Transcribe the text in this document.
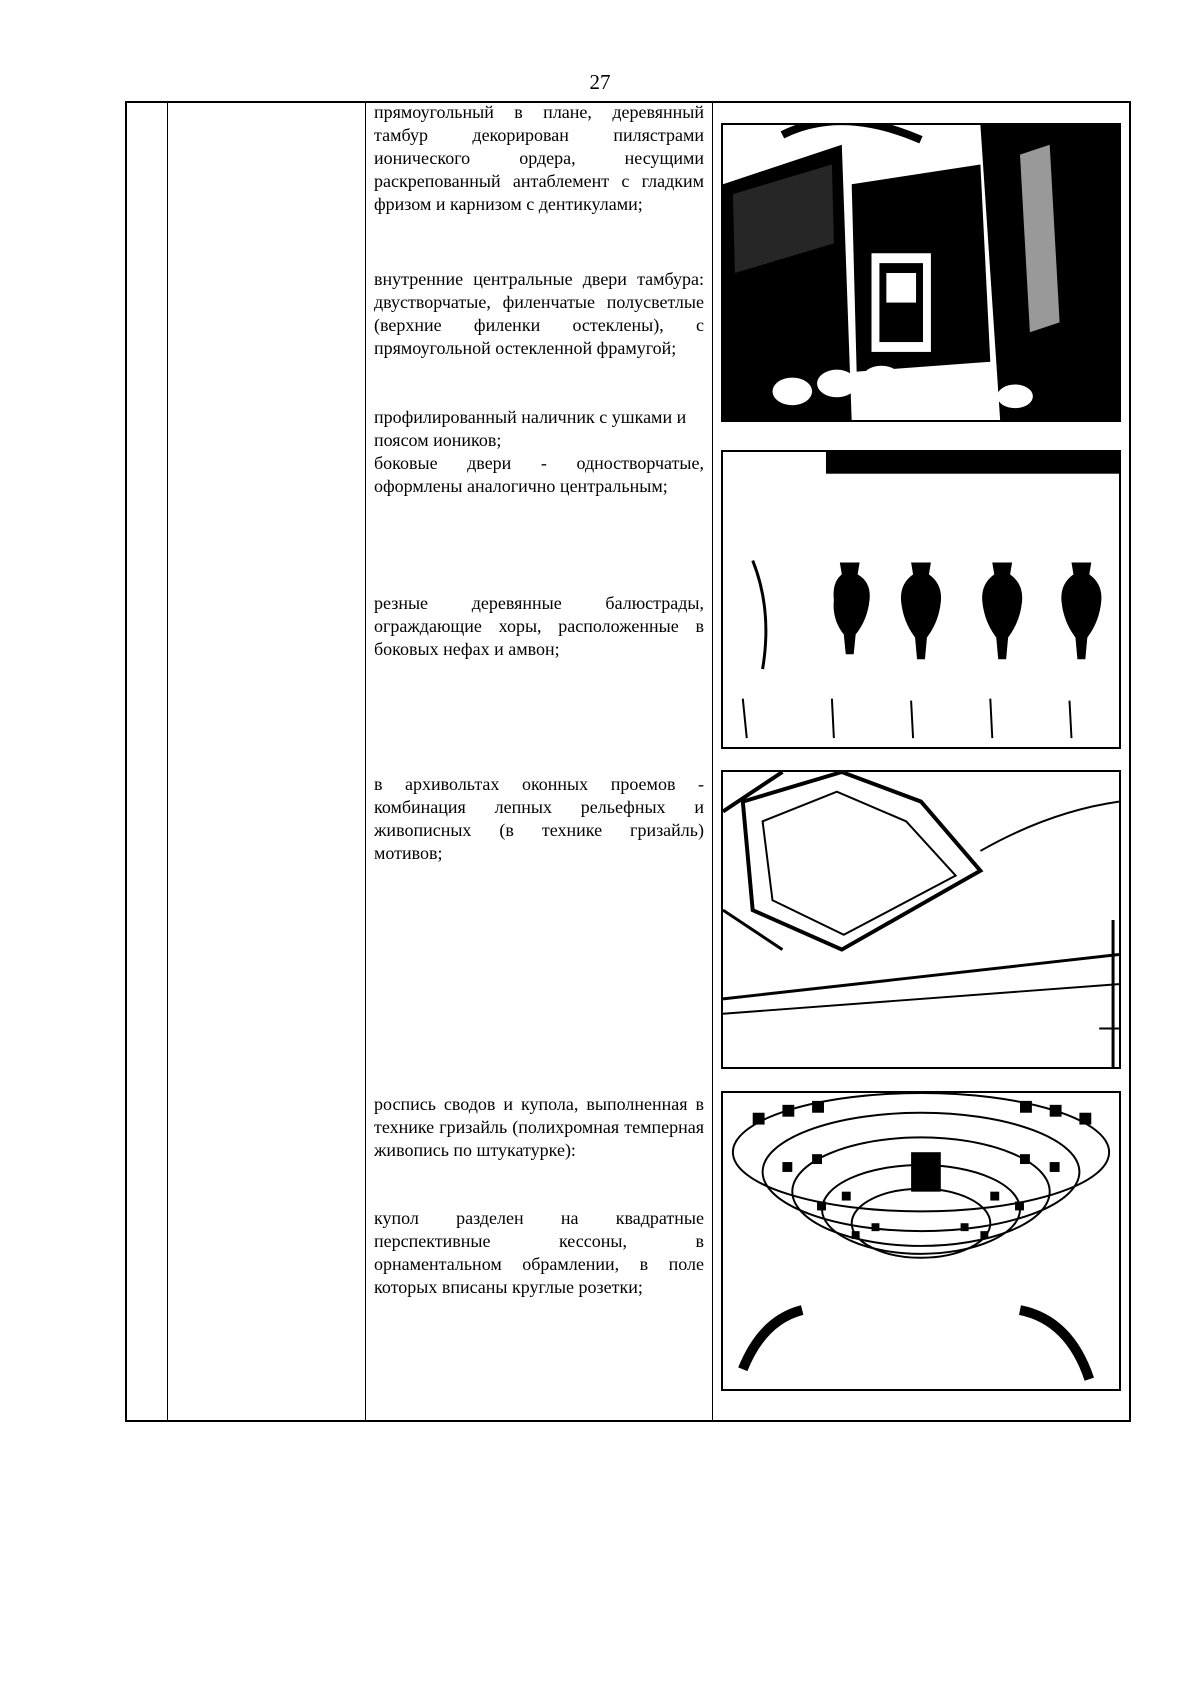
27
прямоугольный в плане, деревянный тамбур декорирован пилястрами ионического ордера, несущими раскрепованный антаблемент с гладким фризом и карнизом с дентикулами;
внутренние центральные двери тамбура: двустворчатые, филенчатые полусветлые (верхние филенки остеклены), с прямоугольной остекленной фрамугой;
профилированный наличник с ушками и поясом иоников;
боковые двери - одностворчатые, оформлены аналогично центральным;
резные деревянные балюстрады, ограждающие хоры, расположенные в боковых нефах и амвон;
в архивольтах оконных проемов - комбинация лепных рельефных и живописных (в технике гризайль) мотивов;
роспись сводов и купола, выполненная в технике гризайль (полихромная темперная живопись по штукатурке):
купол разделен на квадратные перспективные кессоны, в орнаментальном обрамлении, в поле которых вписаны круглые розетки;
